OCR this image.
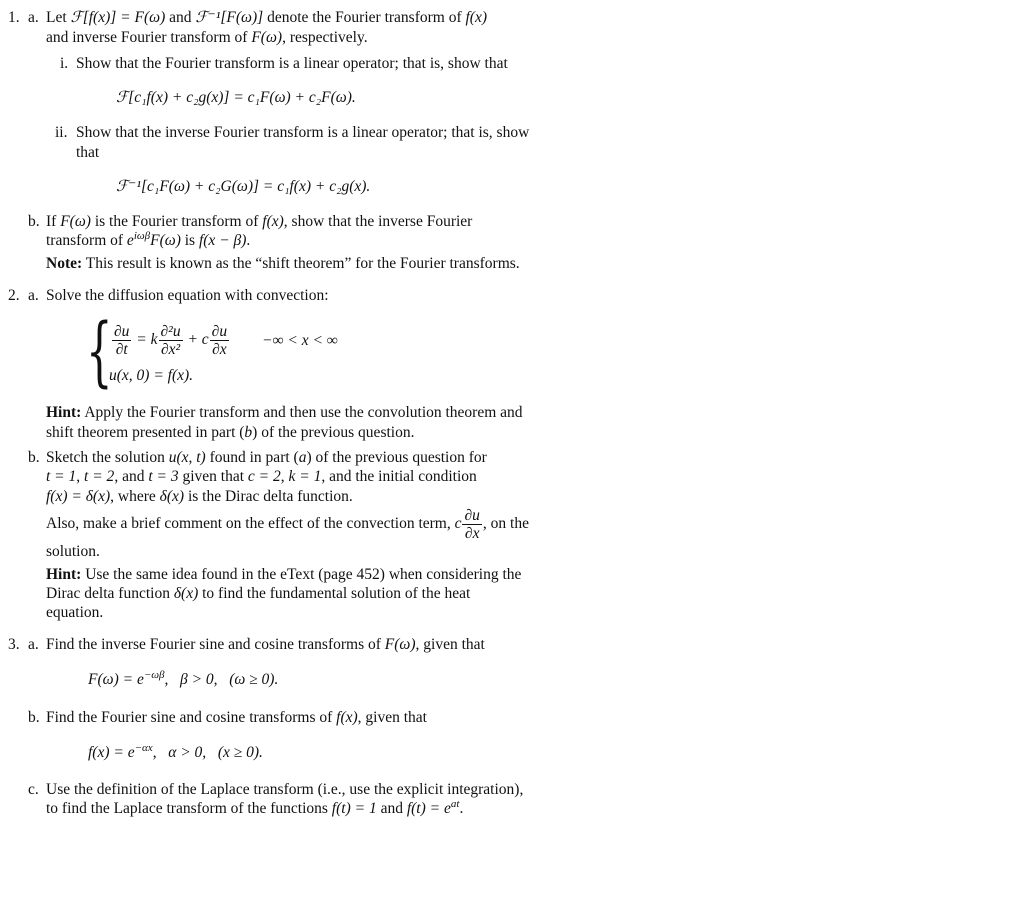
1. a. Let ℱ[f(x)] = F(ω) and ℱ⁻¹[F(ω)] denote the Fourier transform of f(x)
and inverse Fourier transform of F(ω), respectively.
i. Show that the Fourier transform is a linear operator; that is, show that
ℱ[c₁f(x) + c₂g(x)] = c₁F(ω) + c₂F(ω).
ii. Show that the inverse Fourier transform is a linear operator; that is, show
that
ℱ⁻¹[c₁F(ω) + c₂G(ω)] = c₁f(x) + c₂g(x).
b. If F(ω) is the Fourier transform of f(x), show that the inverse Fourier
transform of $e^{i\omega\beta}F(\omega)$ is f(x − β).
Note: This result is known as the “shift theorem” for the Fourier transforms.
2. a. Solve the diffusion equation with convection:
{ $\frac{\partial u}{\partial t} = k \frac{\text{∂²u}}{\text{∂x²}} + c \frac{\partial u}{\partial x}$ −∞ < x < ∞
u(x, 0) = f(x).
Hint: Apply the Fourier transform and then use the convolution theorem and
shift theorem presented in part (b) of the previous question.
b. Sketch the solution u(x, t) found in part (a) of the previous question for
t = 1, t = 2, and t = 3 given that c = 2, k = 1, and the initial condition
f(x) = δ(x), where δ(x) is the Dirac delta function.
Also, make a brief comment on the effect of the convection term, c $\frac{\partial u}{\partial x}$ , on the
solution.
Hint: Use the same idea found in the eText (page 452) when considering the
Dirac delta function δ(x) to find the fundamental solution of the heat
equation.
3. a. Find the inverse Fourier sine and cosine transforms of F(ω), given that
$F(\omega) = e^{-\omega\beta}$,   β > 0, (ω ≥ 0).
b. Find the Fourier sine and cosine transforms of f(x), given that
$f(x) = e^{-\alpha x}$,   α > 0, (x ≥ 0).
c. Use the definition of the Laplace transform (i.e., use the explicit integration),
to find the Laplace transform of the functions f(t) = 1 and $f(t) = e^{at}$.
